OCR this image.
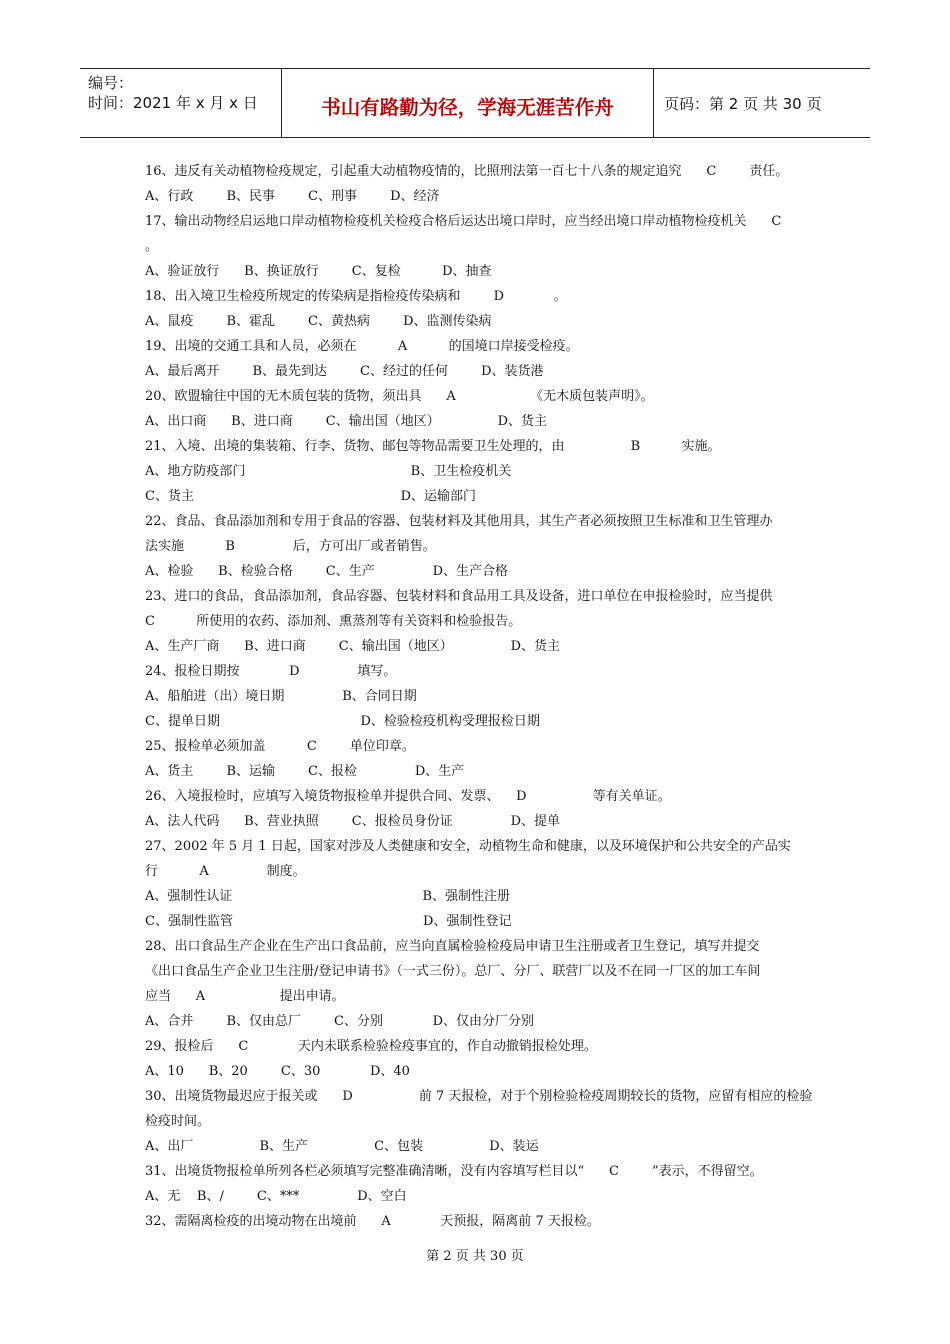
编号：
时间：2021 年 x 月 x 日	书山有路勤为径，学海无涯苦作舟	页码：第 2 页 共 30 页
16、违反有关动植物检疫规定，引起重大动植物疫情的，比照刑法第一百七十八条的规定追究      C        责任。
A、行政        B、民事        C、刑事        D、经济
17、输出动物经启运地口岸动植物检疫机关检疫合格后运达出境口岸时，应当经出境口岸动植物检疫机关      C
。
A、验证放行      B、换证放行        C、复检          D、抽查
18、出入境卫生检疫所规定的传染病是指检疫传染病和        D            。
A、鼠疫        B、霍乱        C、黄热病        D、监测传染病
19、出境的交通工具和人员，必须在          A          的国境口岸接受检疫。
A、最后离开        B、最先到达        C、经过的任何        D、装货港
20、欧盟输往中国的无木质包装的货物，须出具      A                  《无木质包装声明》。
A、出口商      B、进口商        C、输出国（地区）              D、货主
21、入境、出境的集装箱、行李、货物、邮包等物品需要卫生处理的，由                B          实施。
A、地方防疫部门                                        B、卫生检疫机关
C、货主                                                  D、运输部门
22、食品、食品添加剂和专用于食品的容器、包装材料及其他用具，其生产者必须按照卫生标准和卫生管理办
法实施          B              后，方可出厂或者销售。
A、检验      B、检验合格        C、生产              D、生产合格
23、进口的食品，食品添加剂，食品容器、包装材料和食品用工具及设备，进口单位在申报检验时，应当提供
C          所使用的农药、添加剂、熏蒸剂等有关资料和检验报告。
A、生产厂商      B、进口商        C、输出国（地区）              D、货主
24、报检日期按            D              填写。
A、船舶进（出）境日期              B、合同日期
C、提单日期                                  D、检验检疫机构受理报检日期
25、报检单必须加盖          C        单位印章。
A、货主        B、运输        C、报检              D、生产
26、入境报检时，应填写入境货物报检单并提供合同、发票、    D                等有关单证。
A、法人代码      B、营业执照        C、报检员身份证              D、提单
27、2002 年 5 月 1 日起，国家对涉及人类健康和安全，动植物生命和健康，以及环境保护和公共安全的产品实
行          A              制度。
A、强制性认证                                              B、强制性注册
C、强制性监管                                              D、强制性登记
28、出口食品生产企业在生产出口食品前，应当向直属检验检疫局申请卫生注册或者卫生登记，填写并提交
《出口食品生产企业卫生注册/登记申请书》（一式三份）。总厂、分厂、联营厂以及不在同一厂区的加工车间
应当      A                  提出申请。
A、合并        B、仅由总厂        C、分别            D、仅由分厂分别
29、报检后      C            天内未联系检验检疫事宜的，作自动撤销报检处理。
A、10      B、20        C、30            D、40
30、出境货物最迟应于报关或      D                前 7 天报检，对于个别检验检疫周期较长的货物，应留有相应的检验
检疫时间。
A、出厂                B、生产                C、包装                D、装运
31、出境货物报检单所列各栏必须填写完整准确清晰，没有内容填写栏目以“      C        ”表示，不得留空。
A、无    B、/        C、***              D、空白
32、需隔离检疫的出境动物在出境前      A            天预报，隔离前 7 天报检。
第 2 页 共 30 页
